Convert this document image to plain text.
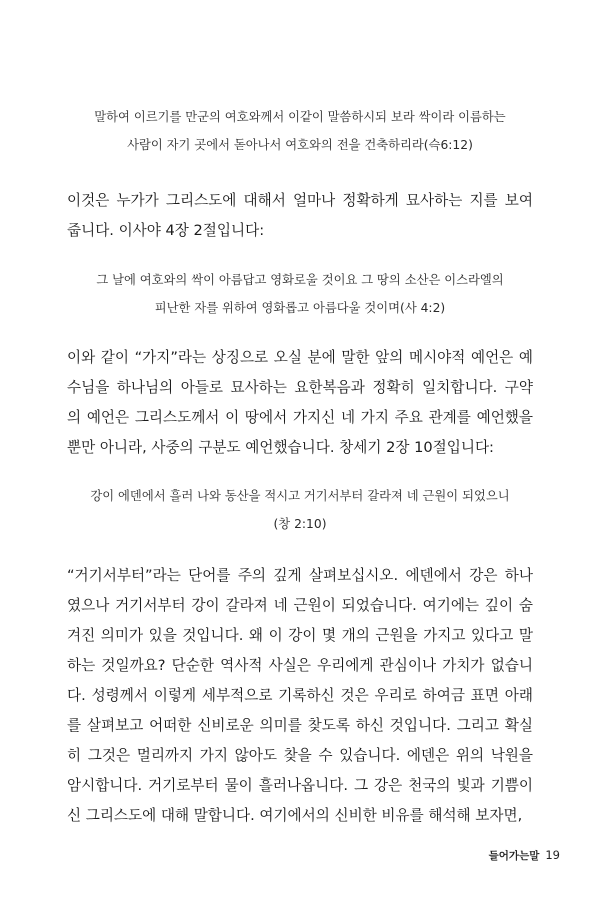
말하여 이르기를 만군의 여호와께서 이같이 말씀하시되 보라 싹이라 이름하는
사람이 자기 곳에서 돋아나서 여호와의 전을 건축하리라(슥6:12)
이것은 누가가 그리스도에 대해서 얼마나 정확하게 묘사하는 지를 보여
줍니다. 이사야 4장 2절입니다:
그 날에 여호와의 싹이 아름답고 영화로울 것이요 그 땅의 소산은 이스라엘의
피난한 자를 위하여 영화롭고 아름다울 것이며(사 4:2)
이와 같이 “가지”라는 상징으로 오실 분에 말한 앞의 메시야적 예언은 예
수님을 하나님의 아들로 묘사하는 요한복음과 정확히 일치합니다. 구약
의 예언은 그리스도께서 이 땅에서 가지신 네 가지 주요 관계를 예언했을
뿐만 아니라, 사중의 구분도 예언했습니다. 창세기 2장 10절입니다:
강이 에덴에서 흘러 나와 동산을 적시고 거기서부터 갈라져 네 근원이 되었으니
(창 2:10)
“거기서부터”라는 단어를 주의 깊게 살펴보십시오. 에덴에서 강은 하나
였으나 거기서부터 강이 갈라져 네 근원이 되었습니다. 여기에는 깊이 숨
겨진 의미가 있을 것입니다. 왜 이 강이 몇 개의 근원을 가지고 있다고 말
하는 것일까요? 단순한 역사적 사실은 우리에게 관심이나 가치가 없습니
다. 성령께서 이렇게 세부적으로 기록하신 것은 우리로 하여금 표면 아래
를 살펴보고 어떠한 신비로운 의미를 찾도록 하신 것입니다. 그리고 확실
히 그것은 멀리까지 가지 않아도 찾을 수 있습니다. 에덴은 위의 낙원을
암시합니다. 거기로부터 물이 흘러나옵니다. 그 강은 천국의 빛과 기쁨이
신 그리스도에 대해 말합니다. 여기에서의 신비한 비유를 해석해 보자면,
들어가는말 19
